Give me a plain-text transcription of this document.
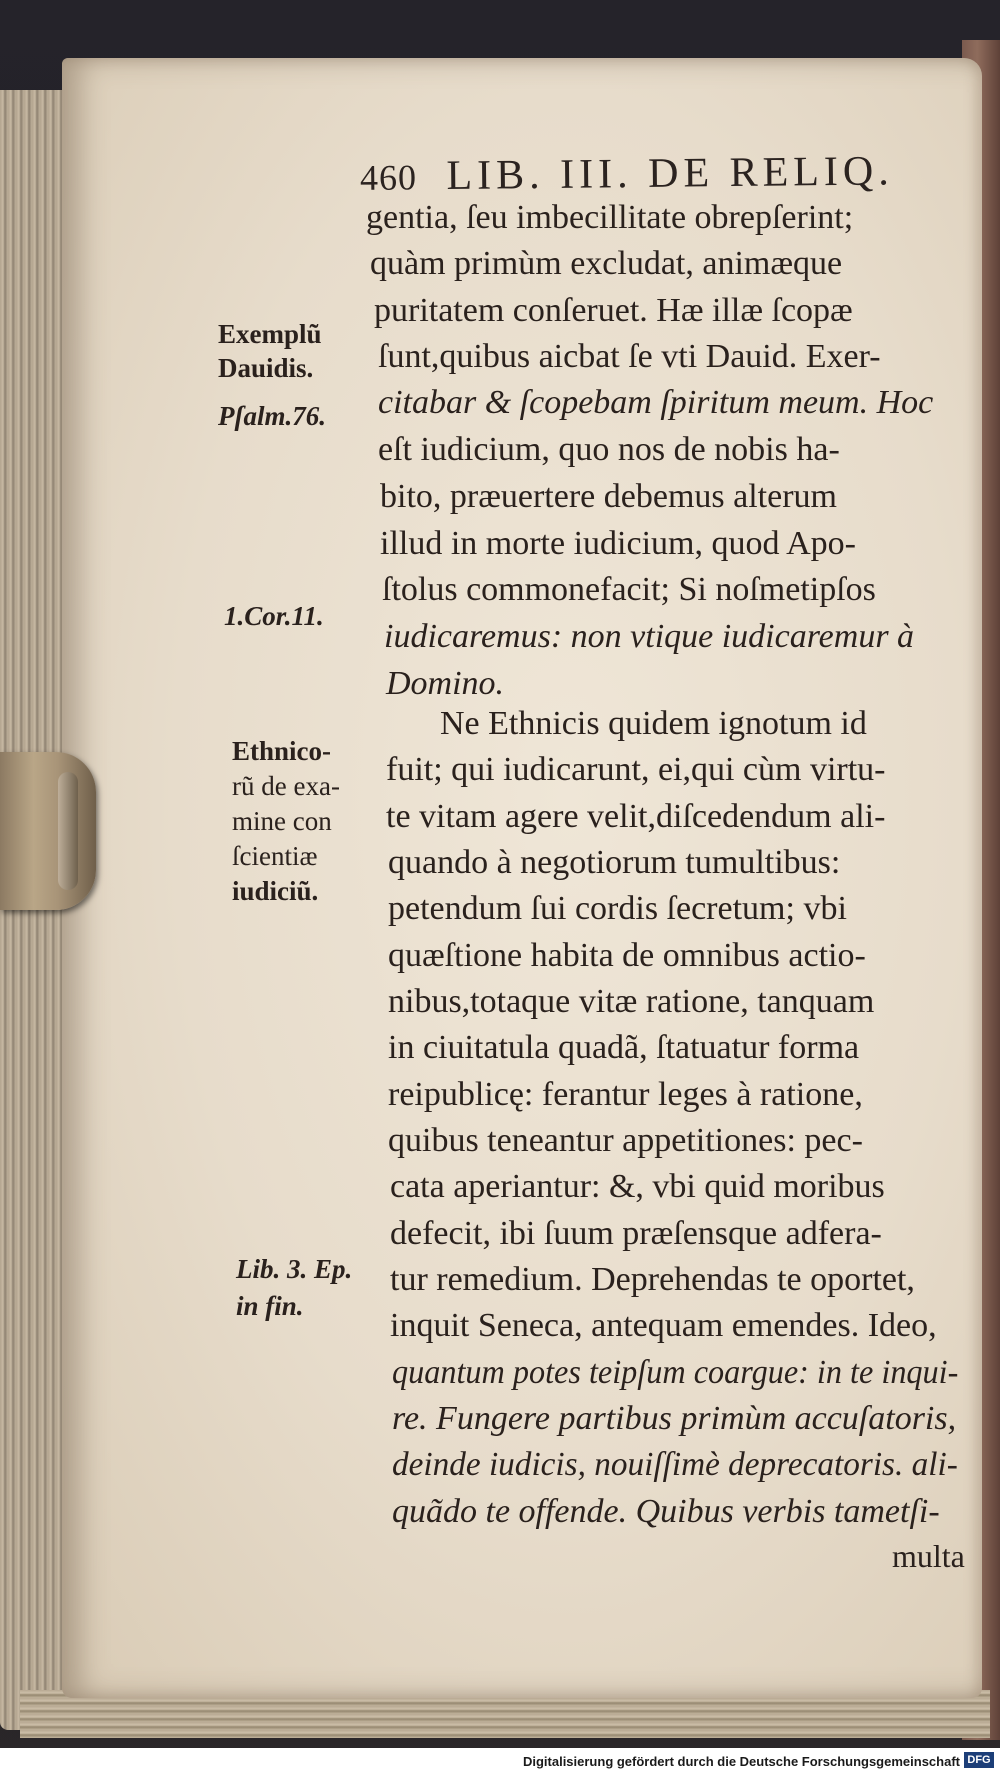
460 LIB. III. DE RELIQ.
gentia, ſeu imbecillitate obrepſerint;
quàm primùm excludat, animæque
puritatem conſeruet. Hæ illæ ſcopæ
ſunt,quibus aicbat ſe vti Dauid. Exer-
citabar & ſcopebam ſpiritum meum. Hoc
eſt iudicium, quo nos de nobis ha-
bito, præuertere debemus alterum
illud in morte iudicium, quod Apo-
ſtolus commonefacit; Si noſmetipſos
iudicaremus: non vtique iudicaremur à
Domino.
Ne Ethnicis quidem ignotum id
fuit; qui iudicarunt, ei,qui cùm virtu-
te vitam agere velit,diſcedendum ali-
quando à negotiorum tumultibus:
petendum ſui cordis ſecretum; vbi
quæſtione habita de omnibus actio-
nibus,totaque vitæ ratione, tanquam
in ciuitatula quadã, ſtatuatur forma
reipublicę: ferantur leges à ratione,
quibus teneantur appetitiones: pec-
cata aperiantur: &, vbi quid moribus
defecit, ibi ſuum præſensque adfera-
tur remedium. Deprehendas te oportet,
inquit Seneca, antequam emendes. Ideo,
quantum potes teipſum coargue: in te inqui-
re. Fungere partibus primùm accuſatoris,
deinde iudicis, nouiſſimè deprecatoris. ali-
quãdo te offende. Quibus verbis tametſi-
multa
Exemplũ
Dauidis.
Pſalm.76.
1.Cor.11.
Ethnico-
rũ de exa-
mine con
ſcientiæ
iudiciũ.
Lib. 3. Ep.
in fin.
Digitalisierung gefördert durch die Deutsche Forschungsgemeinschaft DFG
